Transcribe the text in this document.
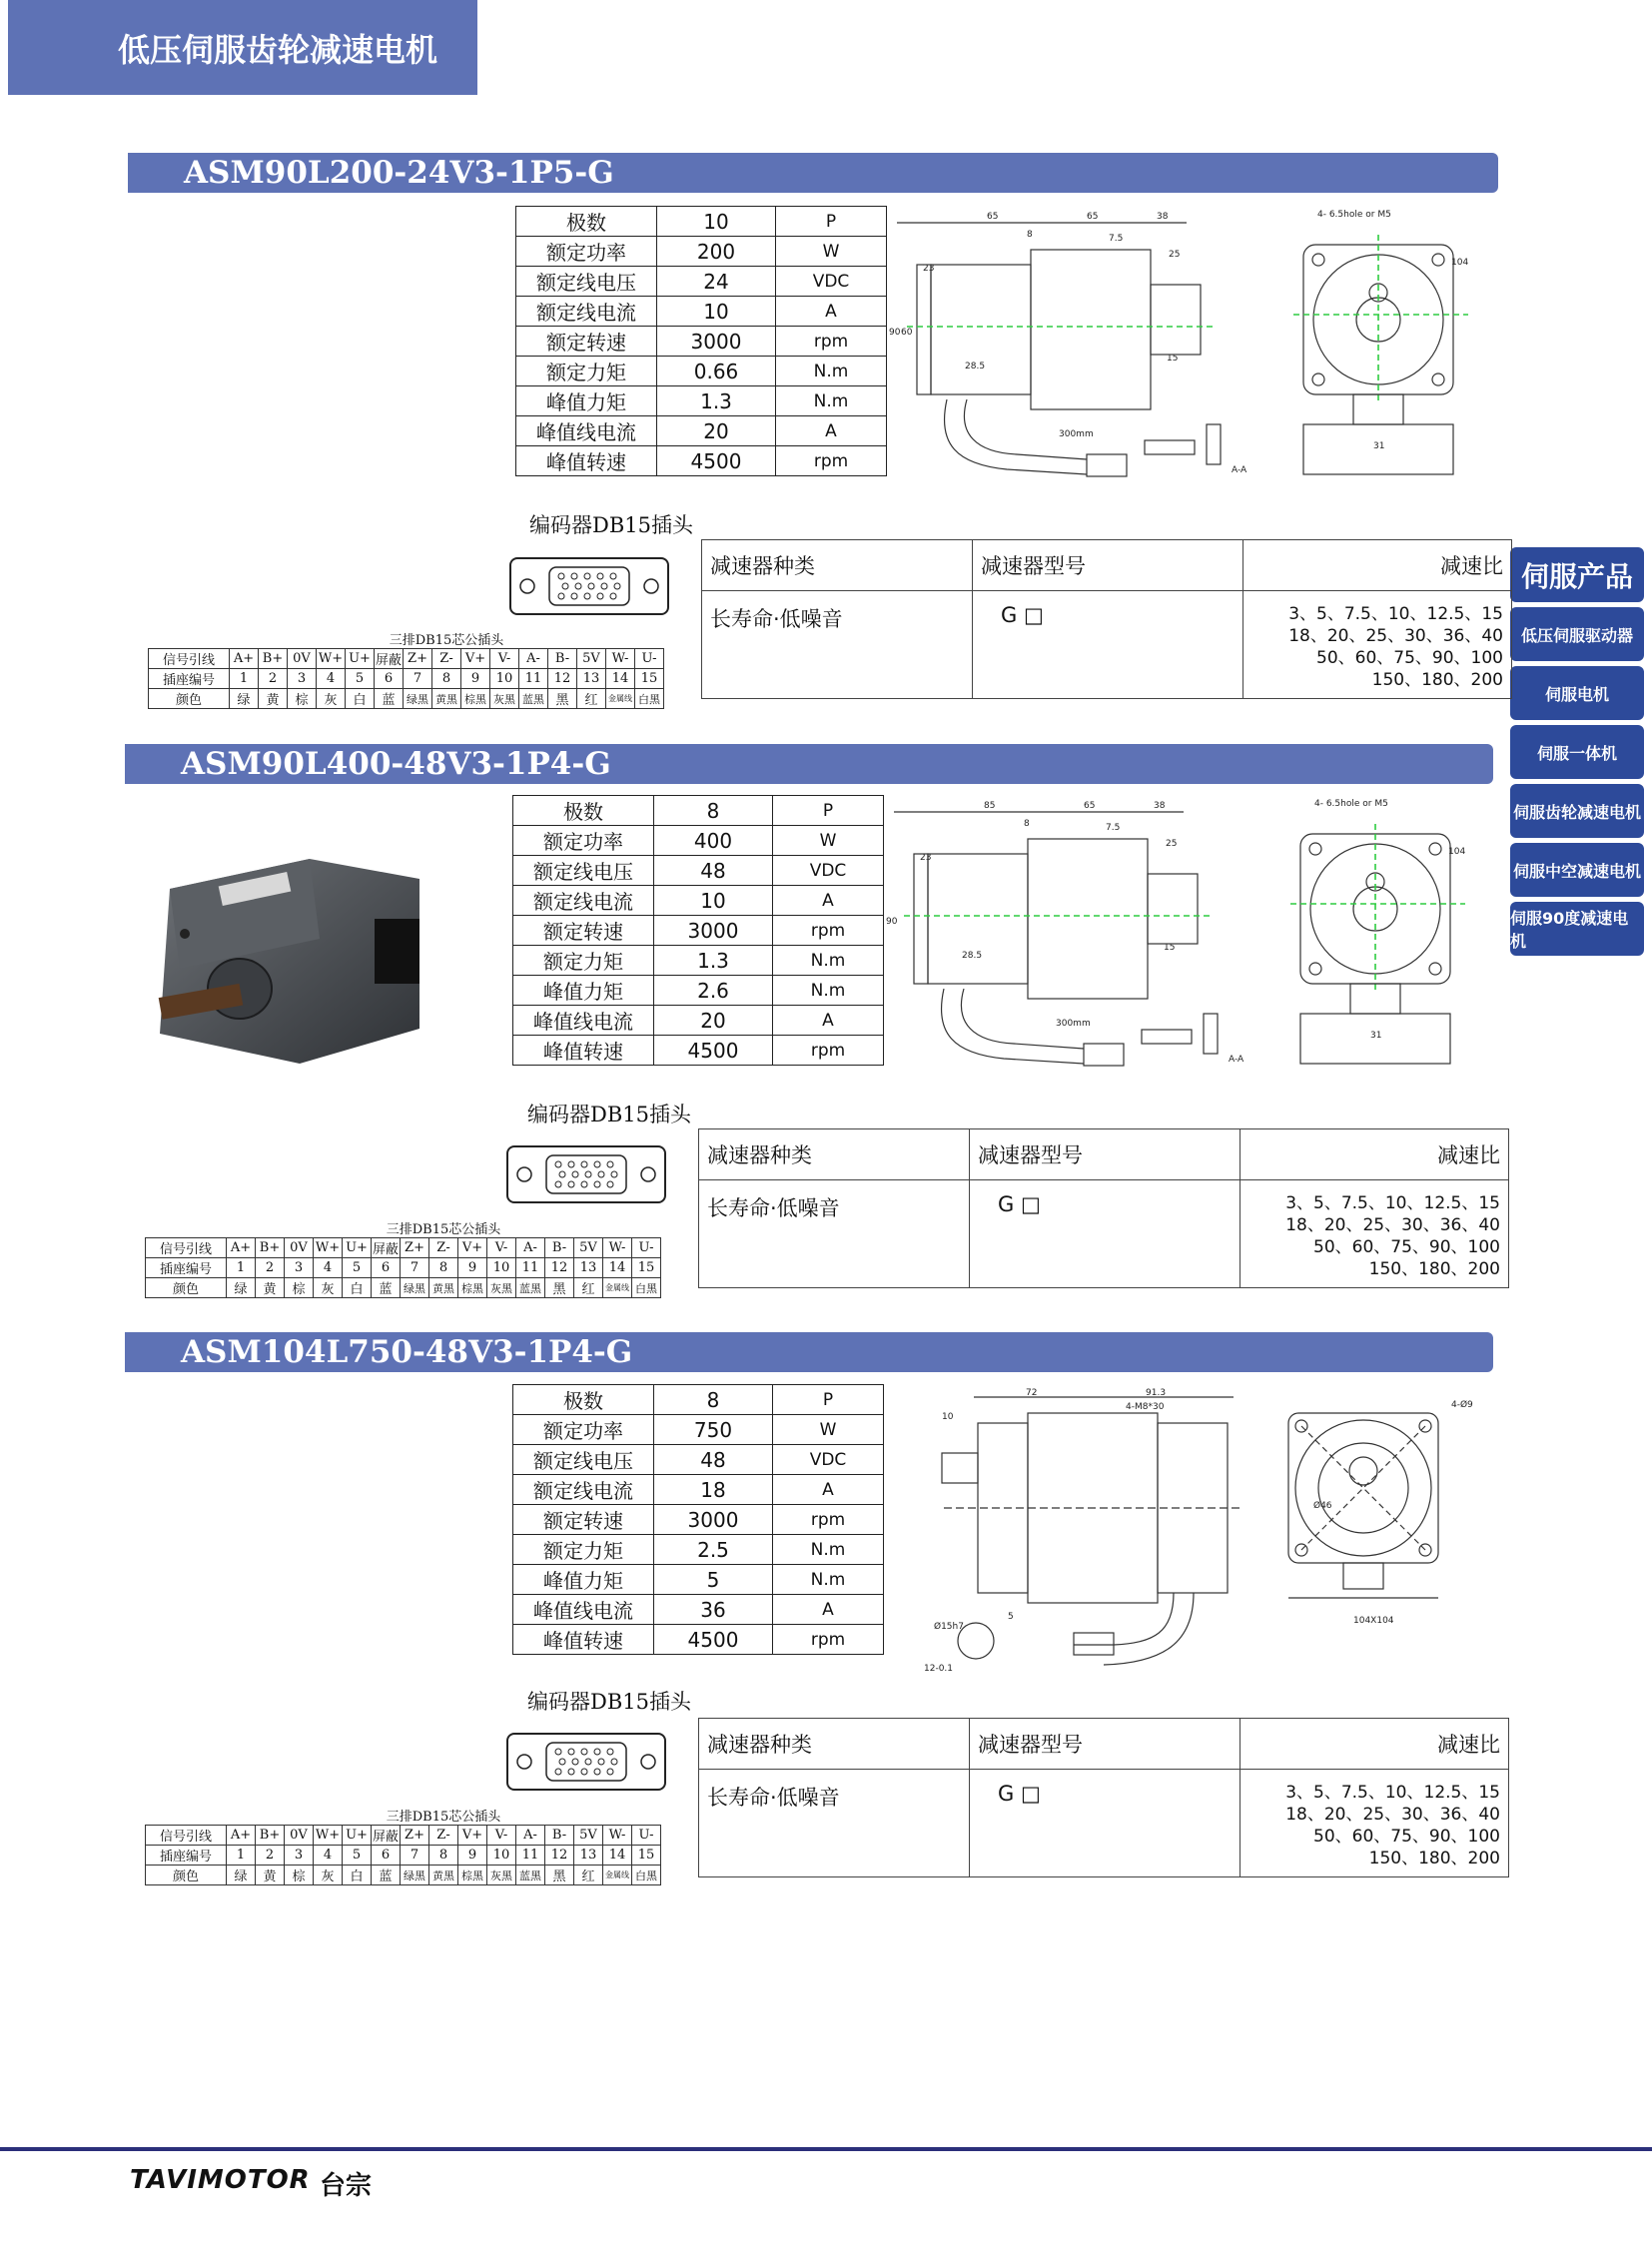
低压伺服齿轮减速电机
伺服产品
低压伺服驱动器
伺服电机
伺服一体机
伺服齿轮减速电机
伺服中空减速电机
伺服90度减速电机
ASM90L200-24V3-1P5-G
极数	10	P
额定功率	200	W
额定线电压	24	VDC
额定线电流	10	A
额定转速	3000	rpm
额定力矩	0.66	N.m
峰值力矩	1.3	N.m
峰值线电流	20	A
峰值转速	4500	rpm
65	65	38
8	7.5
25
23
28.5
90 60
300mm
15
A-A
4- 6.5hole or M5
104
31
编码器DB15插头
	三排DB15芯公插头														
信号引线	A+	B+	0V	W+	U+	屏蔽	Z+	Z-	V+	V-	A-	B-	5V	W-	U-
插座编号	1	2	3	4	5	6	7	8	9	10	11	12	13	14	15
颜色	绿	黄	棕	灰	白	蓝	绿黑	黄黑	棕黑	灰黑	蓝黑	黑	红	金属线	白黑
减速器种类	减速器型号	减速比
长寿命·低噪音	G □	3、5、7.5、10、12.5、15
18、20、25、30、36、40
50、60、75、90、100
150、180、200
ASM90L400-48V3-1P4-G
极数	8	P
额定功率	400	W
额定线电压	48	VDC
额定线电流	10	A
额定转速	3000	rpm
额定力矩	1.3	N.m
峰值力矩	2.6	N.m
峰值线电流	20	A
峰值转速	4500	rpm
85	65	38
8	7.5
25
23
28.5
90
300mm
15
A-A
4- 6.5hole or M5
104
31
编码器DB15插头
	三排DB15芯公插头														
信号引线	A+	B+	0V	W+	U+	屏蔽	Z+	Z-	V+	V-	A-	B-	5V	W-	U-
插座编号	1	2	3	4	5	6	7	8	9	10	11	12	13	14	15
颜色	绿	黄	棕	灰	白	蓝	绿黑	黄黑	棕黑	灰黑	蓝黑	黑	红	金属线	白黑
减速器种类	减速器型号	减速比
长寿命·低噪音	G □	3、5、7.5、10、12.5、15
18、20、25、30、36、40
50、60、75、90、100
150、180、200
ASM104L750-48V3-1P4-G
极数	8	P
额定功率	750	W
额定线电压	48	VDC
额定线电流	18	A
额定转速	3000	rpm
额定力矩	2.5	N.m
峰值力矩	5	N.m
峰值线电流	36	A
峰值转速	4500	rpm
72	91.3
4-M8*30
10
Ø15h7
5
12-0.1
4-Ø9
104X104
Ø46
编码器DB15插头
	三排DB15芯公插头														
信号引线	A+	B+	0V	W+	U+	屏蔽	Z+	Z-	V+	V-	A-	B-	5V	W-	U-
插座编号	1	2	3	4	5	6	7	8	9	10	11	12	13	14	15
颜色	绿	黄	棕	灰	白	蓝	绿黑	黄黑	棕黑	灰黑	蓝黑	黑	红	金属线	白黑
减速器种类	减速器型号	减速比
长寿命·低噪音	G □	3、5、7.5、10、12.5、15
18、20、25、30、36、40
50、60、75、90、100
150、180、200
TAVIMOTOR 台宗
